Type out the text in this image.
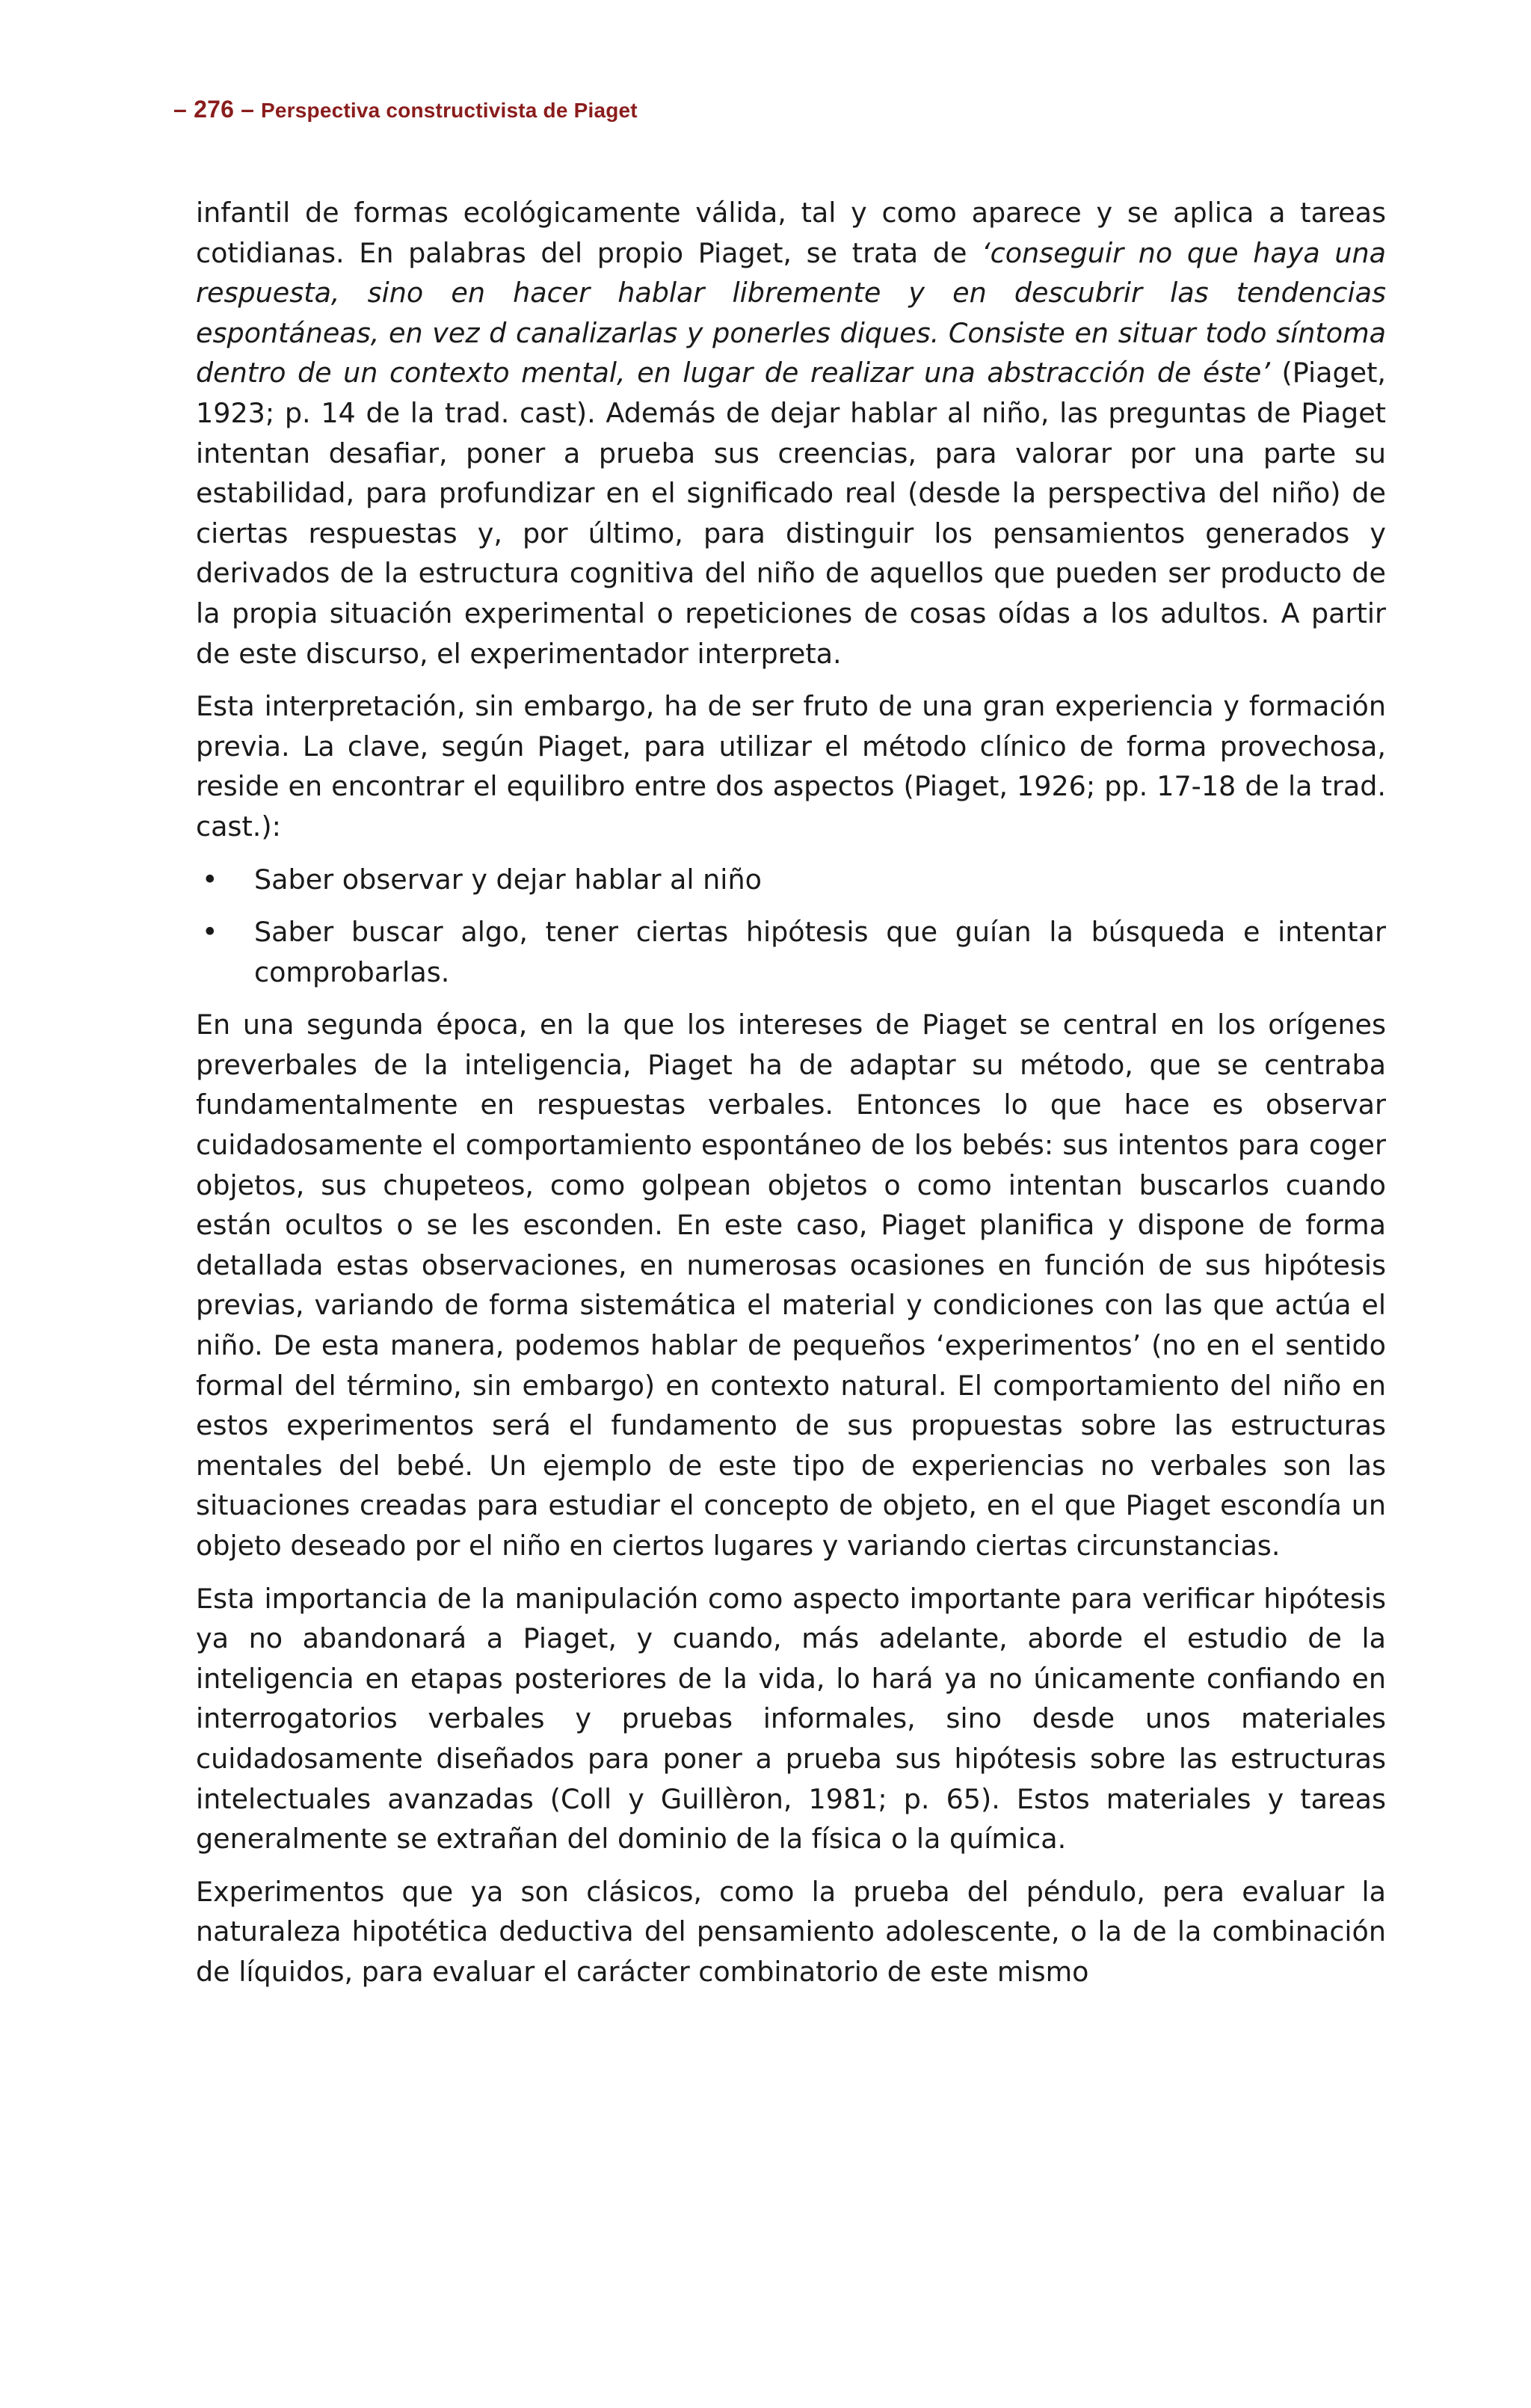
– 276 – Perspectiva constructivista de Piaget

infantil de formas ecológicamente válida, tal y como aparece y se aplica a tareas cotidianas. En palabras del propio Piaget, se trata de ‘conseguir no que haya una respuesta, sino en hacer hablar libremente y en descubrir las tendencias espontáneas, en vez d canalizarlas y ponerles diques. Consiste en situar todo síntoma dentro de un contexto mental, en lugar de realizar una abstracción de éste’ (Piaget, 1923; p. 14 de la trad. cast). Además de dejar hablar al niño, las preguntas de Piaget intentan desafiar, poner a prueba sus creencias, para valorar por una parte su estabilidad, para profundizar en el significado real (desde la perspectiva del niño) de ciertas respuestas y, por último, para distinguir los pensamientos generados y derivados de la estructura cognitiva del niño de aquellos que pueden ser producto de la propia situación experimental o repeticiones de cosas oídas a los adultos. A partir de este discurso, el experimentador interpreta.

Esta interpretación, sin embargo, ha de ser fruto de una gran experiencia y formación previa. La clave, según Piaget, para utilizar el método clínico de forma provechosa, reside en encontrar el equilibro entre dos aspectos (Piaget, 1926; pp. 17-18 de la trad. cast.):

• Saber observar y dejar hablar al niño
• Saber buscar algo, tener ciertas hipótesis que guían la búsqueda e intentar comprobarlas.

En una segunda época, en la que los intereses de Piaget se central en los orígenes preverbales de la inteligencia, Piaget ha de adaptar su método, que se centraba fundamentalmente en respuestas verbales. Entonces lo que hace es observar cuidadosamente el comportamiento espontáneo de los bebés: sus intentos para coger objetos, sus chupeteos, como golpean objetos o como intentan buscarlos cuando están ocultos o se les esconden. En este caso, Piaget planifica y dispone de forma detallada estas observaciones, en numerosas ocasiones en función de sus hipótesis previas, variando de forma sistemática el material y condiciones con las que actúa el niño. De esta manera, podemos hablar de pequeños ‘experimentos’ (no en el sentido formal del término, sin embargo) en contexto natural. El comportamiento del niño en estos experimentos será el fundamento de sus propuestas sobre las estructuras mentales del bebé. Un ejemplo de este tipo de experiencias no verbales son las situaciones creadas para estudiar el concepto de objeto, en el que Piaget escondía un objeto deseado por el niño en ciertos lugares y variando ciertas circunstancias.

Esta importancia de la manipulación como aspecto importante para verificar hipótesis ya no abandonará a Piaget, y cuando, más adelante, aborde el estudio de la inteligencia en etapas posteriores de la vida, lo hará ya no únicamente confiando en interrogatorios verbales y pruebas informales, sino desde unos materiales cuidadosamente diseñados para poner a prueba sus hipótesis sobre las estructuras intelectuales avanzadas (Coll y Guillèron, 1981; p. 65). Estos materiales y tareas generalmente se extrañan del dominio de la física o la química.

Experimentos que ya son clásicos, como la prueba del péndulo, pera evaluar la naturaleza hipotética deductiva del pensamiento adolescente, o la de la combinación de líquidos, para evaluar el carácter combinatorio de este mismo
